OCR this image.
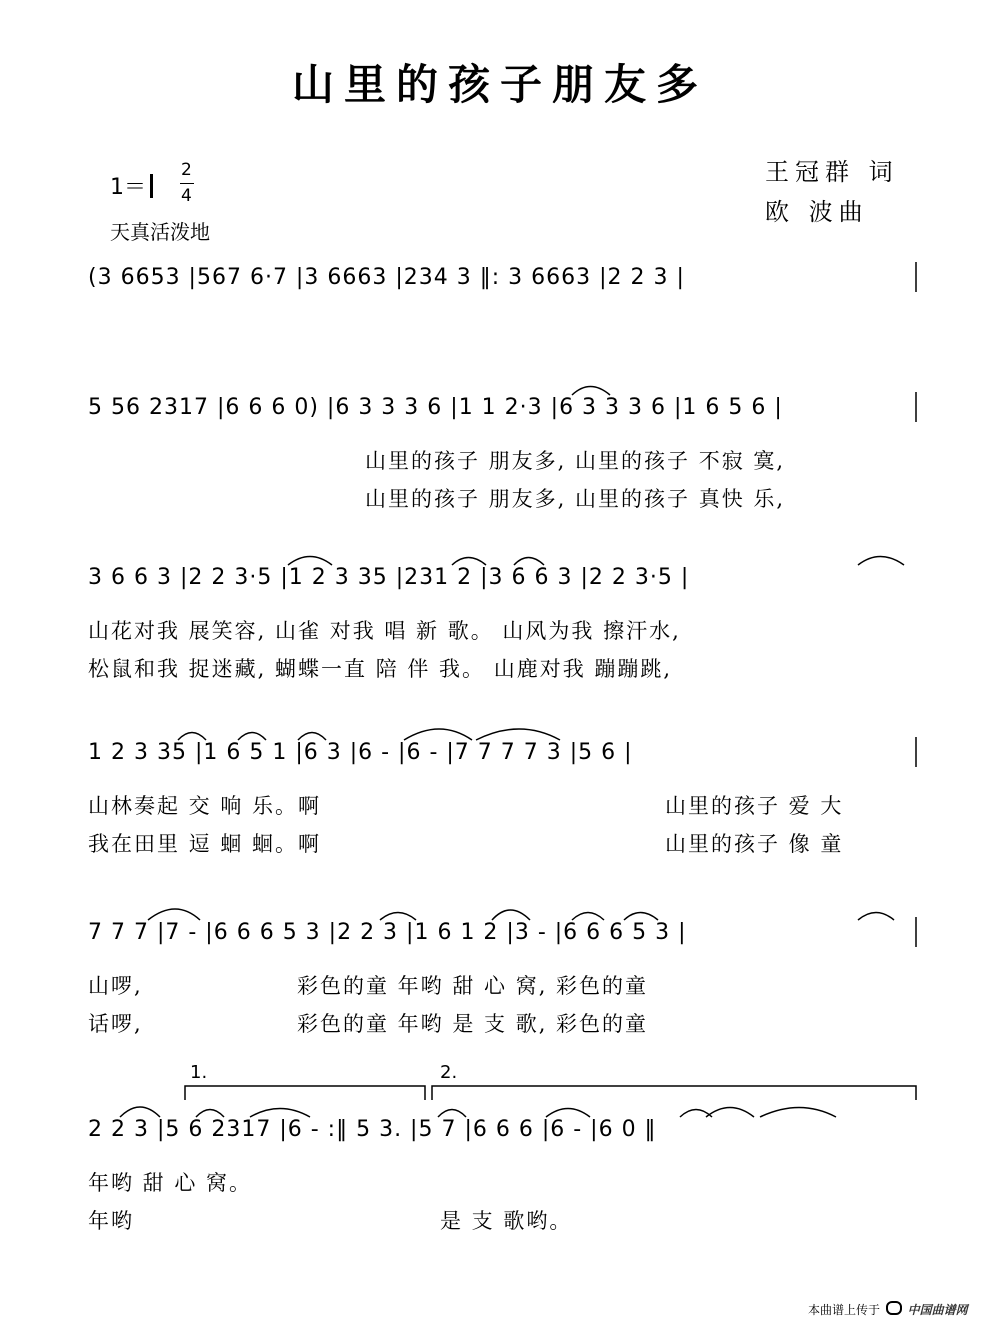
山里的孩子朋友多
1＝
2
4
天真活泼地
王冠群 词
欧 波曲
(3 6653 |567 6·7 |3 6663 |234 3 ‖: 3 6663 |2 2 3 |
5 56 2317 |6 6 6 0) |6 3 3 3 6 |1 1 2·3 |6 3 3 3 6 |1 6 5 6 |
山里的孩子 朋友多, 山里的孩子 不寂 寞,
山里的孩子 朋友多, 山里的孩子 真快 乐,
3 6 6 3 |2 2 3·5 |1 2 3 35 |231 2 |3 6 6 3 |2 2 3·5 |
山花对我 展笑容, 山雀 对我 唱 新 歌。 山风为我 擦汗水,
松鼠和我 捉迷藏, 蝴蝶一直 陪 伴 我。 山鹿对我 蹦蹦跳,
1 2 3 35 |1 6 5 1 |6 3 |6 - |6 - |7 7 7 7 3 |5 6 |
山林奏起 交 响 乐。啊
我在田里 逗 蛔 蛔。啊
山里的孩子 爱 大
山里的孩子 像 童
7 7 7 |7 - |6 6 6 5 3 |2 2 3 |1 6 1 2 |3 - |6 6 6 5 3 |
山啰,
话啰,
彩色的童 年哟 甜 心 窝, 彩色的童
彩色的童 年哟 是 支 歌, 彩色的童
2 2 3 |5 6 2317 |6 - :‖ 5 3. |5 7 |6 6 6 |6 - |6 0 ‖
年哟 甜 心 窝。
年哟	是 支 歌哟。
1.	2.
本曲谱上传于 中国曲谱网
